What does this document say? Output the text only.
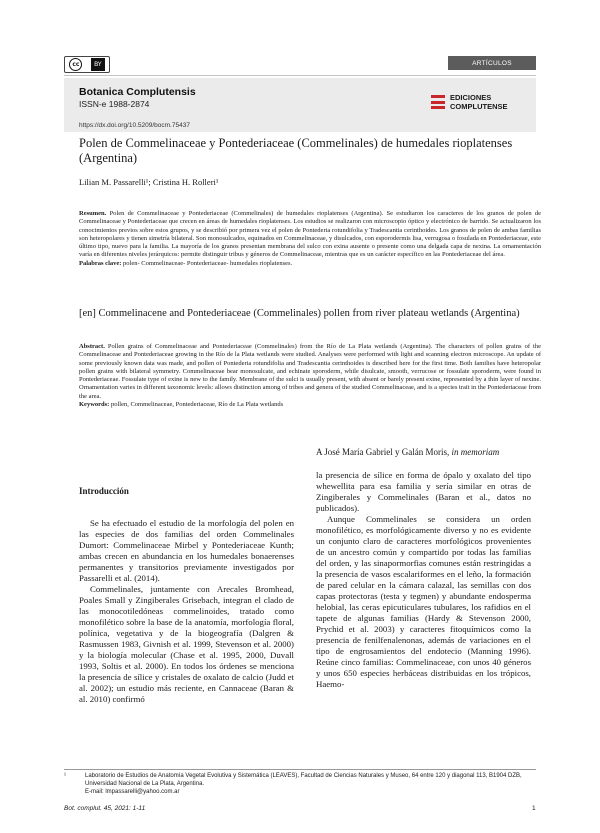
cc	BY	ARTÍCULOS
Botanica Complutensis
ISSN-e 1988-2874
https://dx.doi.org/10.5209/bocm.75437
EDICIONES
COMPLUTENSE
Polen de Commelinaceae y Pontederiaceae (Commelinales) de humedales rioplatenses (Argentina)
Lilian M. Passarelli¹; Cristina H. Rolleri¹
Resumen. Polen de Commelinaceae y Pontederiaceae (Commelinales) de humedales rioplatenses (Argentina). Se estudiaron los caracteres de los granos de polen de Commelinaceae y Pontederiaceae que crecen en áreas de humedales rioplatenses. Los estudios se realizaron con microscopio óptico y electrónico de barrido. Se actualizaron los conocimientos previos sobre estos grupos, y se describió por primera vez el polen de Pontederia rotundifolia y Tradescantia cerinthoides. Los granos de polen de ambas familias son heteropolares y tienen simetría bilateral. Son monosulcados, equinados en Commelinaceae, y disulcados, con esporodermis lisa, verrugosa o fosulada en Pontederiaceae, este último tipo, nuevo para la familia. La mayoría de los granos presentan membrana del sulco con exina ausente o presente como una delgada capa de nexina. La ornamentación varía en diferentes niveles jerárquicos: permite distinguir tribus y géneros de Commelinaceae, mientras que es un carácter específico en las Pontederiaceae del área.
Palabras clave: polen- Commelinaceae- Pontederiaceae- humedales rioplatenses.
[en] Commelinacene and Pontederiaceae (Commelinales) pollen from river plateau wetlands (Argentina)
Abstract. Pollen grains of Commelinaceae and Pontederiaceae (Commelinales) from the Río de La Plata wetlands (Argentina). The characters of pollen grains of the Commelinaceae and Pontederiaceae growing in the Río de la Plata wetlands were studied. Analyses were performed with light and scanning electron microscope. An update of some previously known data was made, and pollen of Pontederia rotundifolia and Tradescantia cerinthoides is described here for the first time. Both families have heteropolar pollen grains with bilateral symmetry. Commelinaceae bear monosulcate, and echinate sporoderm, while disulcate, smooth, verrucose or fossulate sporoderm, were found in Pontederiaceae. Fossulate type of exine is new to the family. Membrane of the sulci is usually present, with absent or barely present exine, represented by a thin layer of nexine. Ornamentation varies in different taxonomic levels: allows distinction among of tribes and genera of the studied Commelinaceae, and is a species trait in the Pontederiaceae from the area.
Keywords: pollen, Commelinaceae, Pontederiaceae, Río de La Plata wetlands
A José María Gabriel y Galán Moris, in memoriam

Introducción

Se ha efectuado el estudio de la morfología del polen en las especies de dos familias del orden Commelinales Dumort: Commelinaceae Mirbel y Pontederiaceae Kunth; ambas crecen en abundancia en los humedales bonaerenses permanentes y transitorios previamente investigados por Passarelli et al. (2014).

Commelinales, juntamente con Arecales Bromhead, Poales Small y Zingiberales Grisebach, integran el clado de las monocotiledóneas commelinoides, tratado como monofilético sobre la base de la anatomía, morfología floral, polínica, vegetativa y de la biogeografía (Dalgren & Rasmussen 1983, Givnish et al. 1999, Stevenson et al. 2000) y la biología molecular (Chase et al. 1995, 2000, Duvall 1993, Soltis et al. 2000). En todos los órdenes se menciona la presencia de sílice y cristales de oxalato de calcio (Judd et al. 2002); un estudio más reciente, en Cannaceae (Baran & al. 2010) confirmó

la presencia de sílice en forma de ópalo y oxalato del tipo whewellita para esa familia y sería similar en otras de Zingiberales y Commelinales (Baran et al., datos no publicados).

Aunque Commelinales se considera un orden monofilético, es morfológicamente diverso y no es evidente un conjunto claro de caracteres morfológicos provenientes de un ancestro común y compartido por todas las familias del orden, y las sinapormorfias comunes están restringidas a la presencia de vasos escalariformes en el leño, la formación de pared celular en la cámara calazal, las semillas con dos capas protectoras (testa y tegmen) y abundante endosperma helobial, las ceras epicuticulares tubulares, los rafidios en el tapete de algunas familias (Hardy & Stevenson 2000, Prychid et al. 2003) y caracteres fitoquímicos como la presencia de fenilfenalenonas, además de variaciones en el tipo de engrosamientos del endotecio (Manning 1996). Reúne cinco familias: Commelinaceae, con unos 40 géneros y unos 650 especies herbáceas distribuidas en los trópicos, Haemo-

¹	Laboratorio de Estudios de Anatomía Vegetal Evolutiva y Sistemática (LEAVES), Facultad de Ciencias Naturales y Museo, 64 entre 120 y diagonal 113, B1904 DZB, Universidad Nacional de La Plata, Argentina.
E-mail: lmpassarelli@yahoo.com.ar
Bot. complut. 45, 2021: 1-11	1
